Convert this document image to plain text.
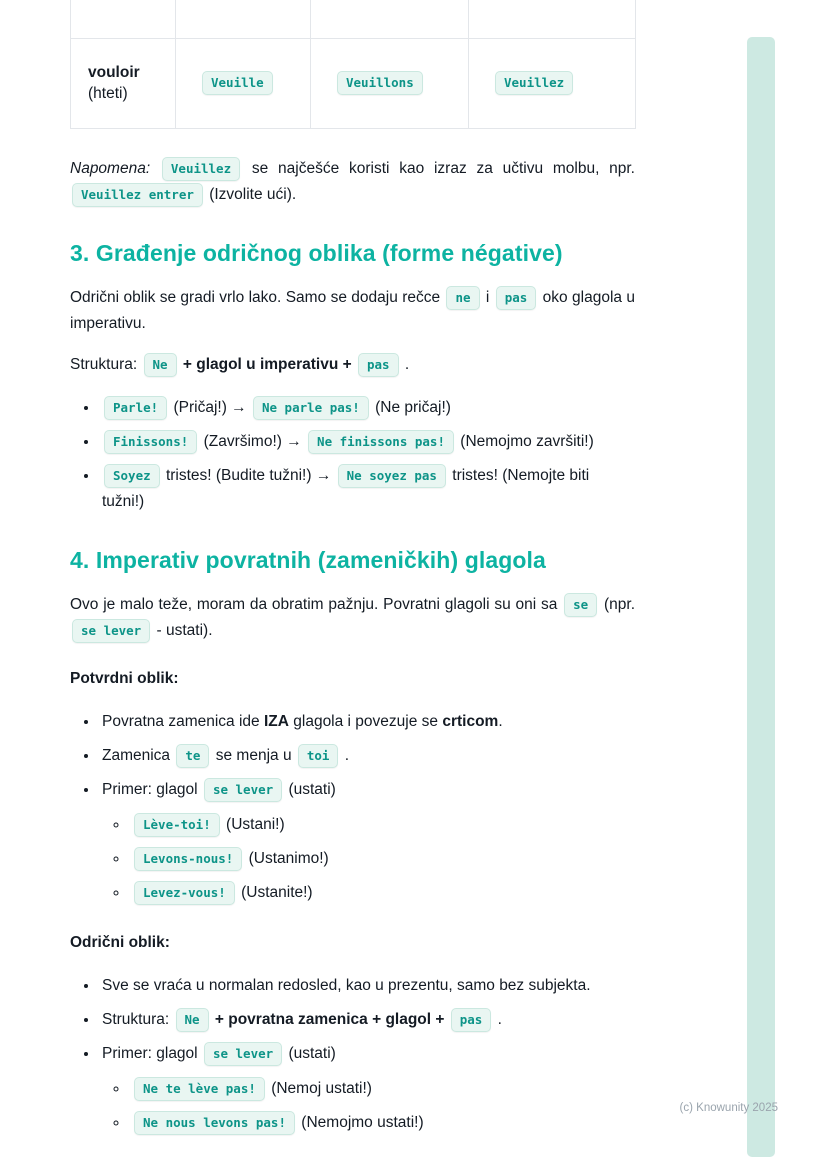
vouloir
(hteti)	Veuille	Veuillons	Veuillez

Napomena: Veuillez se najčešće koristi kao izraz za učtivu molbu, npr. Veuillez entrer (Izvolite ući).

3. Građenje odričnog oblika (forme négative)

Odrični oblik se gradi vrlo lako. Samo se dodaju rečce ne i pas oko glagola u imperativu.

Struktura: Ne + glagol u imperativu + pas .

• Parle! (Pričaj!) → Ne parle pas! (Ne pričaj!)
• Finissons! (Završimo!) → Ne finissons pas! (Nemojmo završiti!)
• Soyez tristes! (Budite tužni!) → Ne soyez pas tristes! (Nemojte biti tužni!)
4. Imperativ povratnih (zameničkih) glagola

Ovo je malo teže, moram da obratim pažnju. Povratni glagoli su oni sa se (npr. se lever - ustati).

Potvrdni oblik:

• Povratna zamenica ide IZA glagola i povezuje se crticom.
• Zamenica te se menja u toi .
• Primer: glagol se lever (ustati)
◦ Lève-toi! (Ustani!)
◦ Levons-nous! (Ustanimo!)
◦ Levez-vous! (Ustanite!)

Odrični oblik:

• Sve se vraća u normalan redosled, kao u prezentu, samo bez subjekta.
• Struktura: Ne + povratna zamenica + glagol + pas .
• Primer: glagol se lever (ustati)
◦ Ne te lève pas! (Nemoj ustati!)
◦ Ne nous levons pas! (Nemojmo ustati!)
(c) Knowunity 2025
